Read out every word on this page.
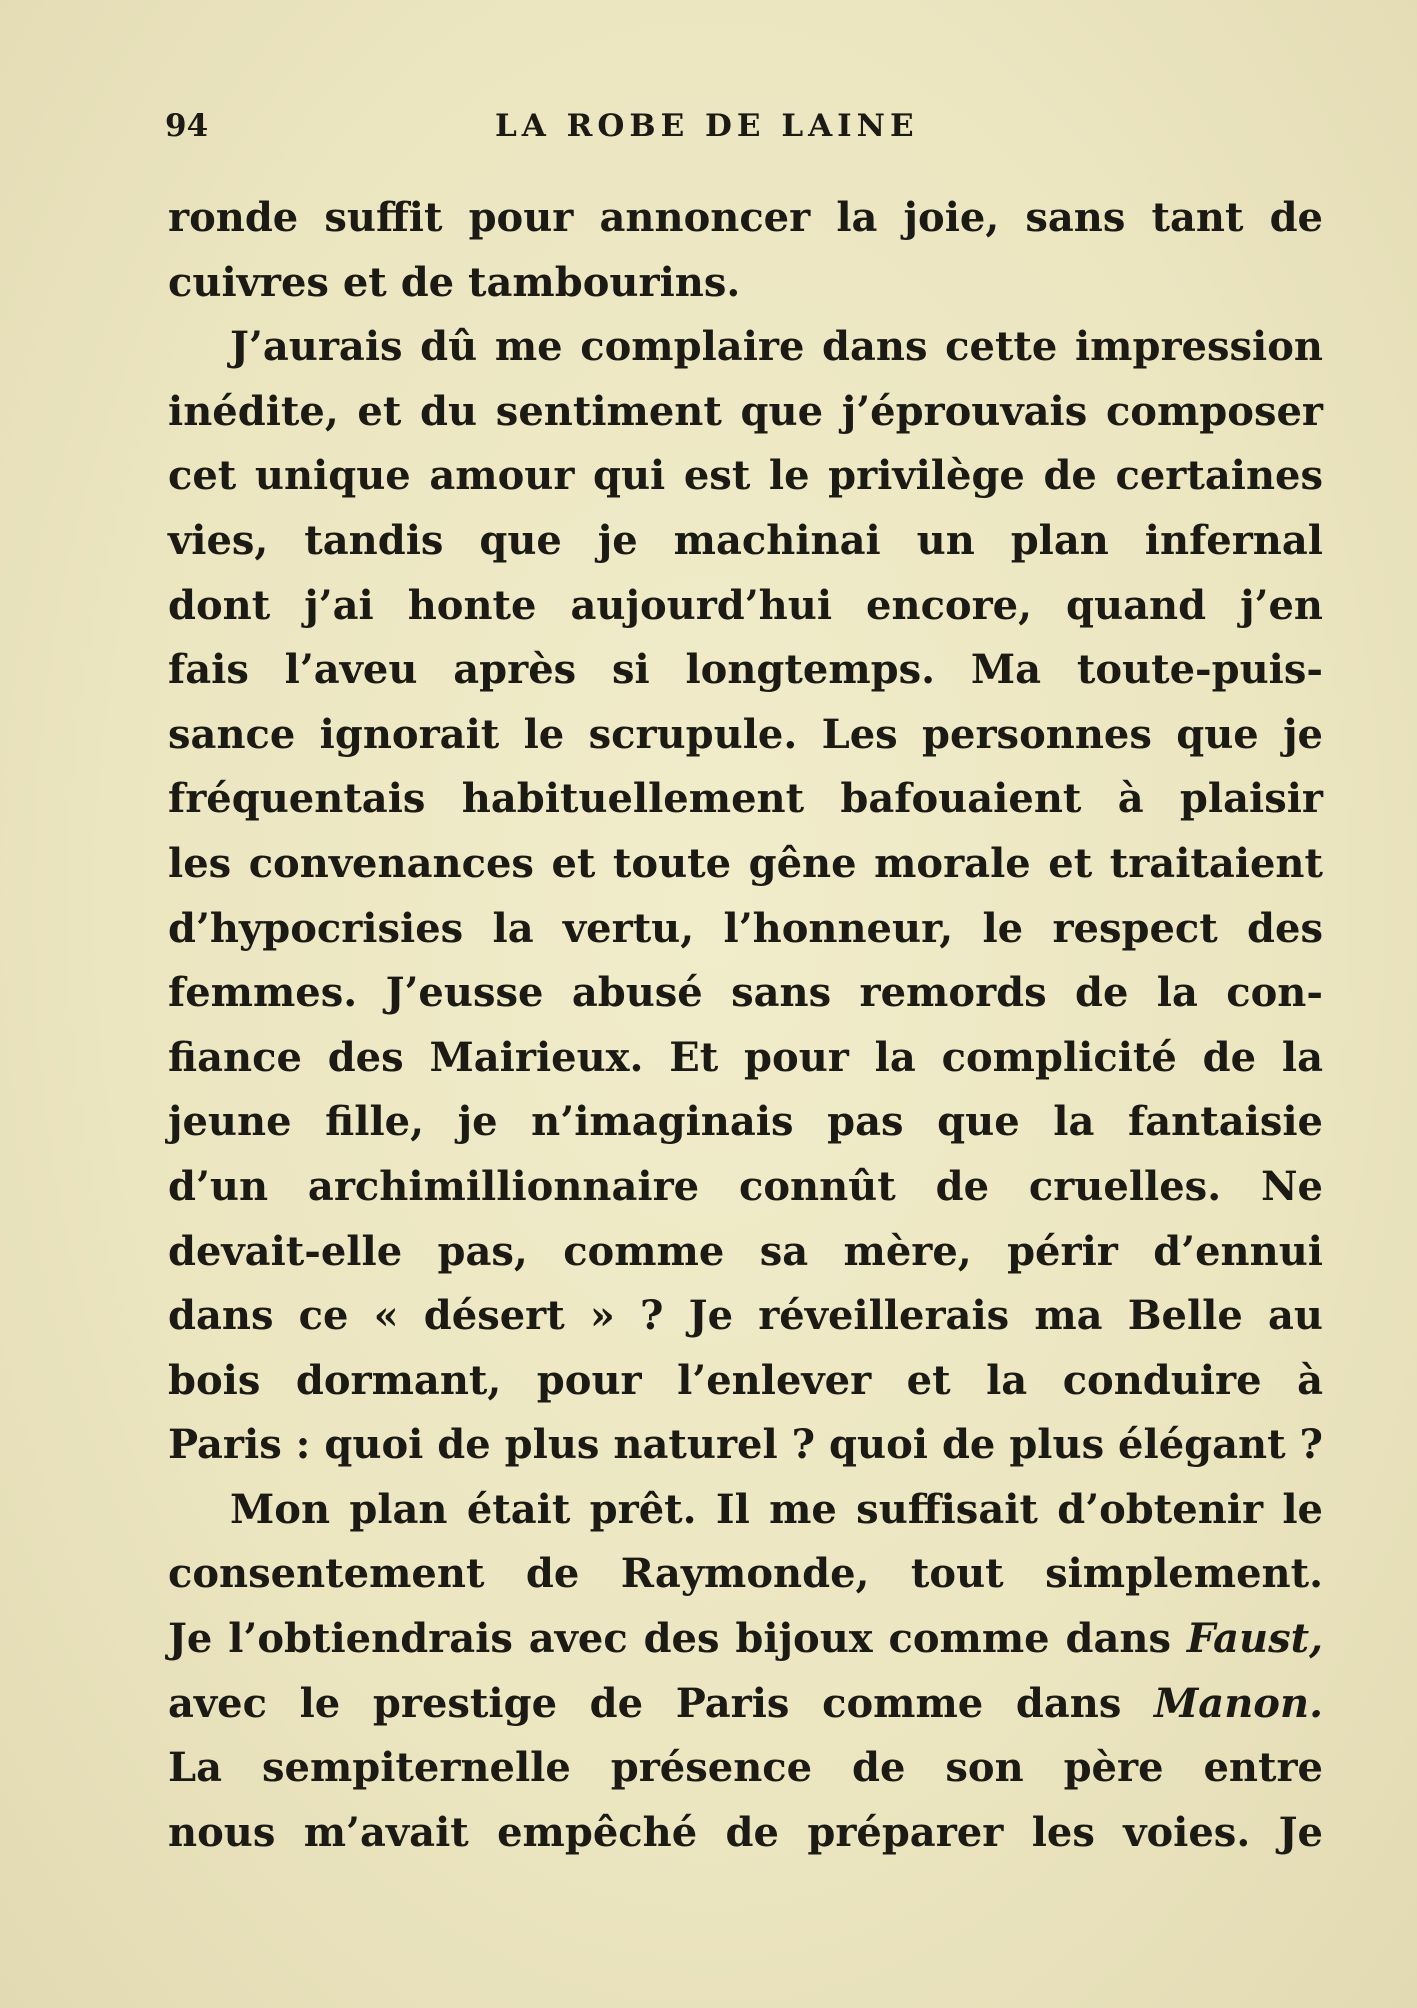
94	LA ROBE DE LAINE
ronde suffit pour annoncer la joie, sans tant de
cuivres et de tambourins.
J’aurais dû me complaire dans cette impression
inédite, et du sentiment que j’éprouvais composer
cet unique amour qui est le privilège de certaines
vies, tandis que je machinai un plan infernal
dont j’ai honte aujourd’hui encore, quand j’en
fais l’aveu après si longtemps. Ma toute-puis-
sance ignorait le scrupule. Les personnes que je
fréquentais habituellement bafouaient à plaisir
les convenances et toute gêne morale et traitaient
d’hypocrisies la vertu, l’honneur, le respect des
femmes. J’eusse abusé sans remords de la con-
fiance des Mairieux. Et pour la complicité de la
jeune fille, je n’imaginais pas que la fantaisie
d’un archimillionnaire connût de cruelles. Ne
devait-elle pas, comme sa mère, périr d’ennui
dans ce « désert » ? Je réveillerais ma Belle au
bois dormant, pour l’enlever et la conduire à
Paris : quoi de plus naturel ? quoi de plus élégant ?
Mon plan était prêt. Il me suffisait d’obtenir le
consentement de Raymonde, tout simplement.
Je l’obtiendrais avec des bijoux comme dans Faust,
avec le prestige de Paris comme dans Manon.
La sempiternelle présence de son père entre
nous m’avait empêché de préparer les voies. Je
